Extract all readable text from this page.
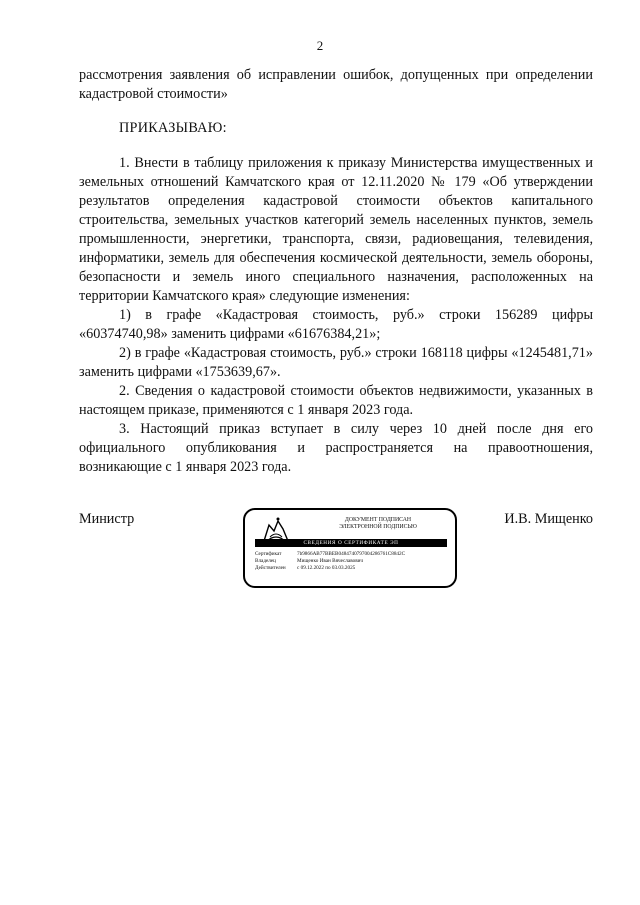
2

рассмотрения заявления об исправлении ошибок, допущенных при определении кадастровой стоимости»

ПРИКАЗЫВАЮ:

1. Внести в таблицу приложения к приказу Министерства имущественных и земельных отношений Камчатского края от 12.11.2020 № 179 «Об утверждении результатов определения кадастровой стоимости объектов капитального строительства, земельных участков категорий земель населенных пунктов, земель промышленности, энергетики, транспорта, связи, радиовещания, телевидения, информатики, земель для обеспечения космической деятельности, земель обороны, безопасности и земель иного специального назначения, расположенных на территории Камчатского края» следующие изменения:

1) в графе «Кадастровая стоимость, руб.» строки 156289 цифры «60374740,98» заменить цифрами «61676384,21»;

2) в графе «Кадастровая стоимость, руб.» строки 168118 цифры «1245481,71» заменить цифрами «1753639,67».

2. Сведения о кадастровой стоимости объектов недвижимости, указанных в настоящем приказе, применяются с 1 января 2023 года.

3. Настоящий приказ вступает в силу через 10 дней после дня его официального опубликования и распространяется на правоотношения, возникающие с 1 января 2023 года.

Министр	И.В. Мищенко
ДОКУМЕНТ ПОДПИСАН ЭЛЕКТРОННОЙ ПОДПИСЬЮ
СВЕДЕНИЯ О СЕРТИФИКАТЕ ЭП
Сертификат	7b9866AB77BBEB0484740797004286761C8842C
Владелец	Мищенко Иван Вячеславович
Действителен	с 09.12.2022 по 03.03.2025
